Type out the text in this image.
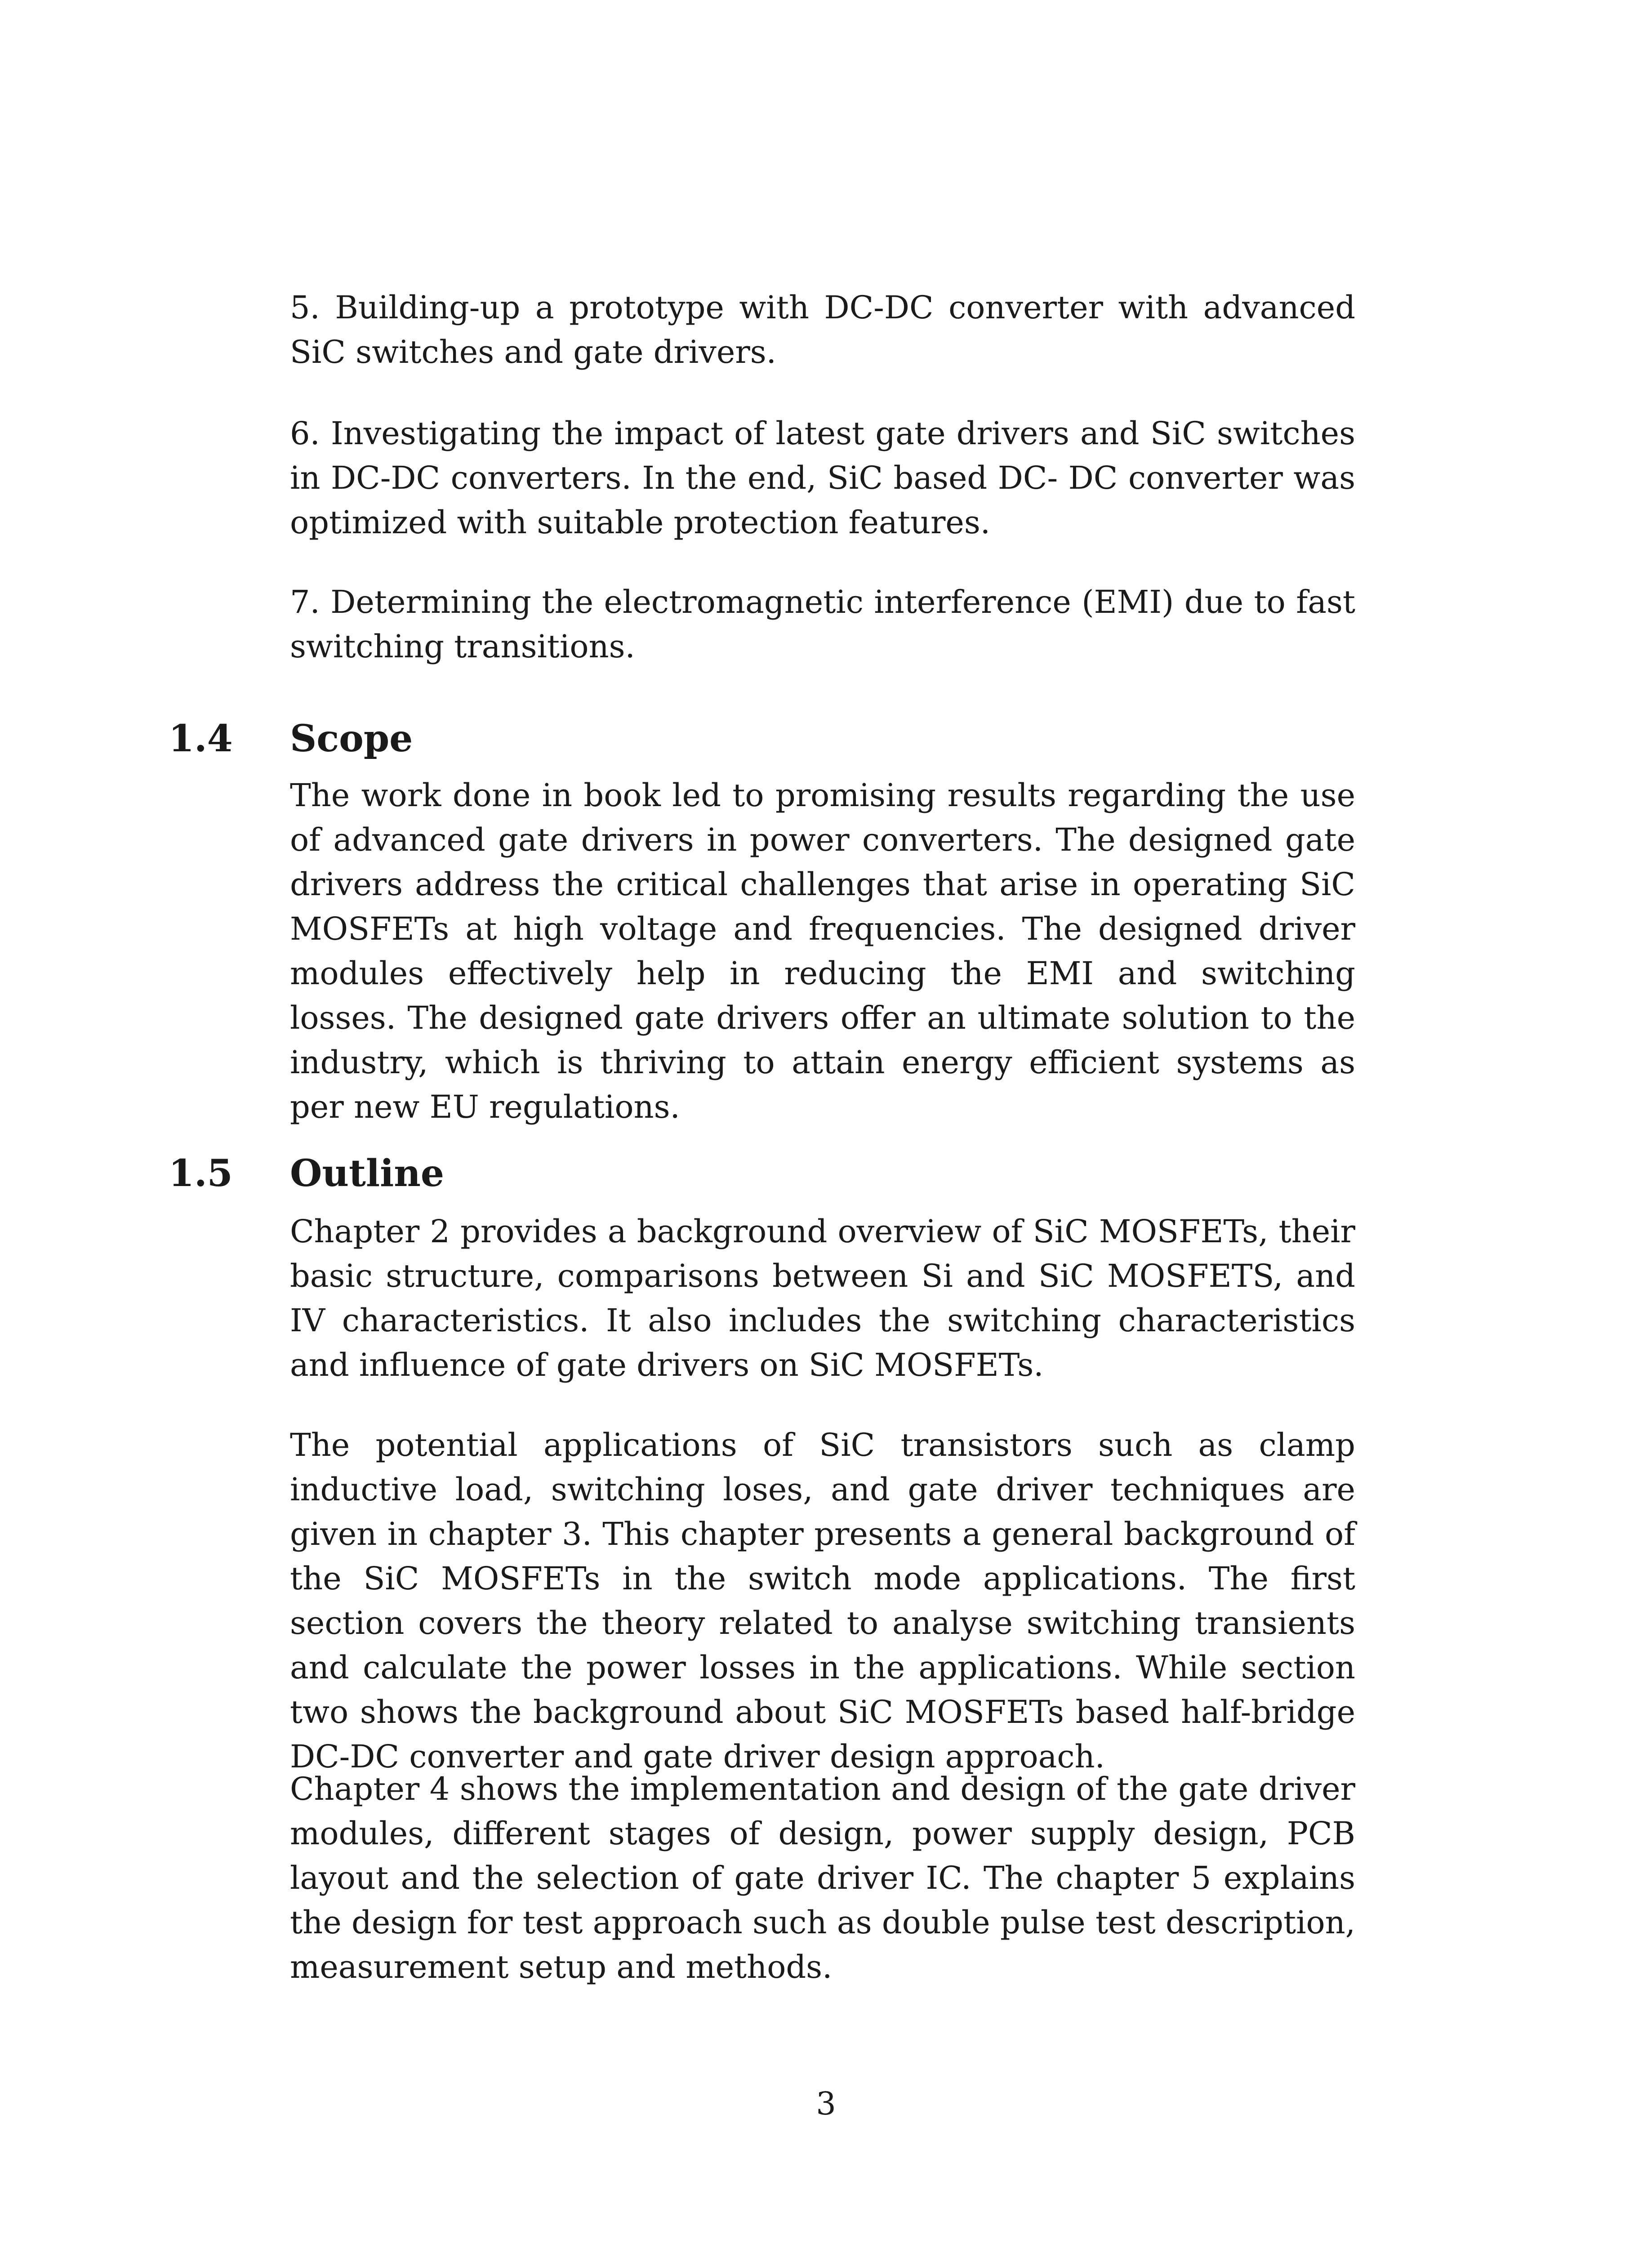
5. Building-up a prototype with DC-DC converter with advanced SiC switches and gate drivers.

6. Investigating the impact of latest gate drivers and SiC switches in DC-DC converters. In the end, SiC based DC- DC converter was optimized with suitable protection features.

7. Determining the electromagnetic interference (EMI) due to fast switching transitions.

1.4 Scope

The work done in book led to promising results regarding the use of advanced gate drivers in power converters. The designed gate drivers address the critical challenges that arise in operating SiC MOSFETs at high voltage and frequencies. The designed driver modules effectively help in reducing the EMI and switching losses. The designed gate drivers offer an ultimate solution to the industry, which is thriving to attain energy efficient systems as per new EU regulations.

1.5 Outline

Chapter 2 provides a background overview of SiC MOSFETs, their basic structure, comparisons between Si and SiC MOSFETS, and IV characteristics. It also includes the switching characteristics and influence of gate drivers on SiC MOSFETs.

The potential applications of SiC transistors such as clamp inductive load, switching loses, and gate driver techniques are given in chapter 3. This chapter presents a general background of the SiC MOSFETs in the switch mode applications. The first section covers the theory related to analyse switching transients and calculate the power losses in the applications. While section two shows the background about SiC MOSFETs based half-bridge DC-DC converter and gate driver design approach.

Chapter 4 shows the implementation and design of the gate driver modules, different stages of design, power supply design, PCB layout and the selection of gate driver IC. The chapter 5 explains the design for test approach such as double pulse test description, measurement setup and methods.

3
